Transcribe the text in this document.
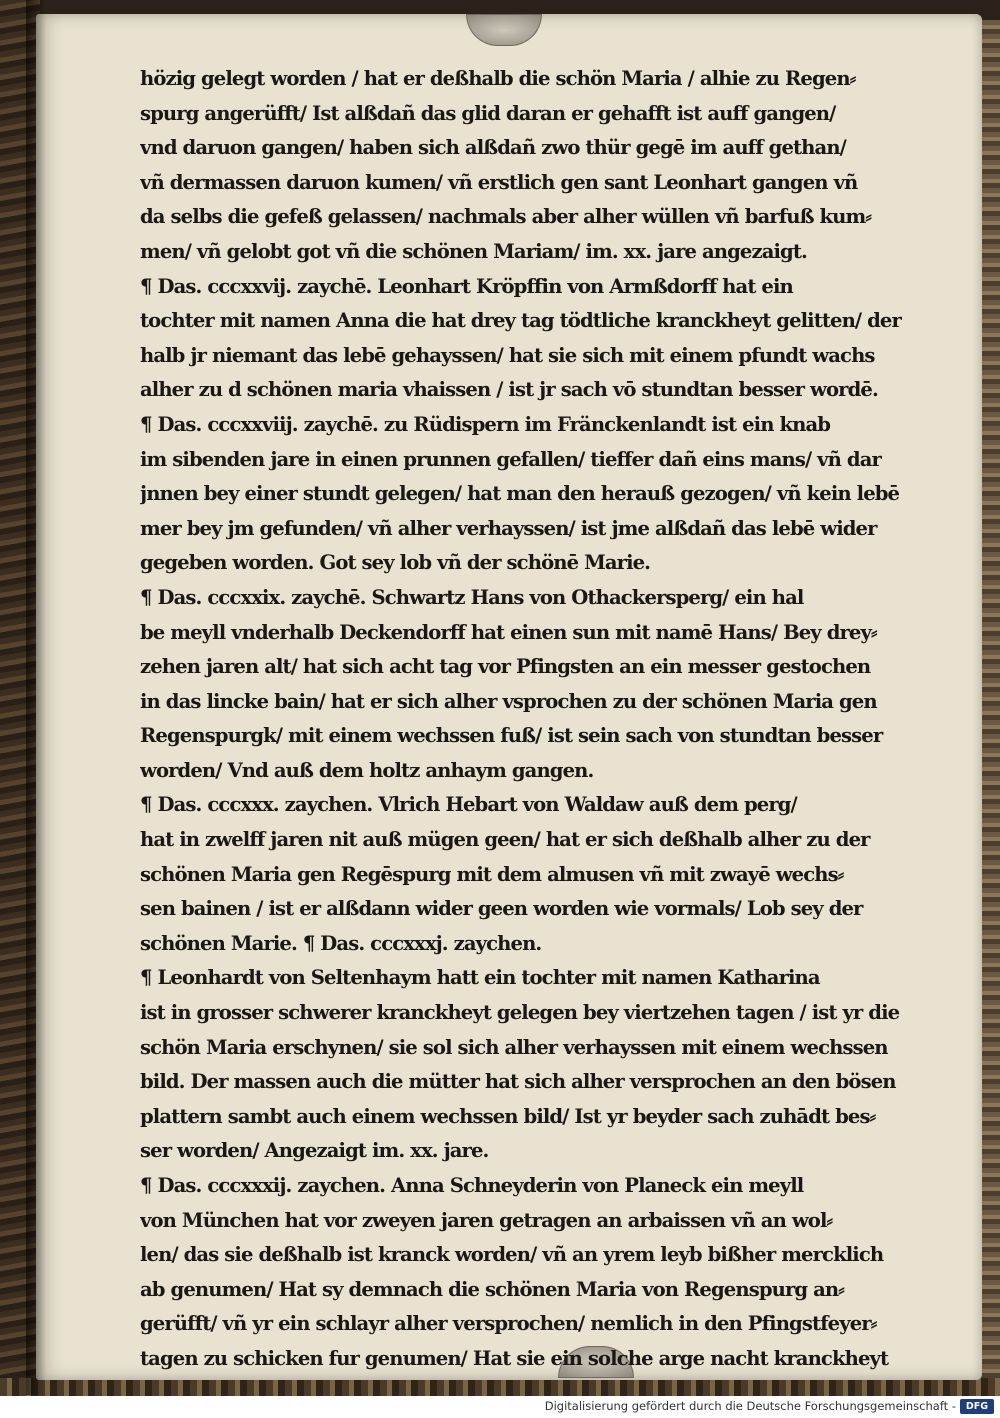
hözig gelegt worden / hat er deßhalb die schön Maria / alhie zu Regen⸗
spurg angerüfft/ Ist alßdañ das glid daran er gehafft ist auff gangen/
vnd daruon gangen/ haben sich alßdañ zwo thür gegē im auff gethan/
vñ dermassen daruon kumen/ vñ erstlich gen sant Leonhart gangen vñ
da selbs die gefeß gelassen/ nachmals aber alher wüllen vñ barfuß kum⸗
men/ vñ gelobt got vñ die schönen Mariam/ im. xx. jare angezaigt.
¶ Das. cccxxvij. zaychē. Leonhart Kröpffin von Armßdorff hat ein
tochter mit namen Anna die hat drey tag tödtliche kranckheyt gelitten/ der
halb jr niemant das lebē gehayssen/ hat sie sich mit einem pfundt wachs
alher zu d schönen maria vhaissen / ist jr sach vō stundtan besser wordē.
¶ Das. cccxxviij. zaychē. zu Rüdispern im Fränckenlandt ist ein knab
im sibenden jare in einen prunnen gefallen/ tieffer dañ eins mans/ vñ dar
jnnen bey einer stundt gelegen/ hat man den herauß gezogen/ vñ kein lebē
mer bey jm gefunden/ vñ alher verhayssen/ ist jme alßdañ das lebē wider
gegeben worden. Got sey lob vñ der schönē Marie.
¶ Das. cccxxix. zaychē. Schwartz Hans von Othackersperg/ ein hal
be meyll vnderhalb Deckendorff hat einen sun mit namē Hans/ Bey drey⸗
zehen jaren alt/ hat sich acht tag vor Pfingsten an ein messer gestochen
in das lincke bain/ hat er sich alher vsprochen zu der schönen Maria gen
Regenspurgk/ mit einem wechssen fuß/ ist sein sach von stundtan besser
worden/ Vnd auß dem holtz anhaym gangen.
¶ Das. cccxxx. zaychen. Vlrich Hebart von Waldaw auß dem perg/
hat in zwelff jaren nit auß mügen geen/ hat er sich deßhalb alher zu der
schönen Maria gen Regēspurg mit dem almusen vñ mit zwayē wechs⸗
sen bainen / ist er alßdann wider geen worden wie vormals/ Lob sey der
schönen Marie. ¶ Das. cccxxxj. zaychen.
¶ Leonhardt von Seltenhaym hatt ein tochter mit namen Katharina
ist in grosser schwerer kranckheyt gelegen bey viertzehen tagen / ist yr die
schön Maria erschynen/ sie sol sich alher verhayssen mit einem wechssen
bild. Der massen auch die mütter hat sich alher versprochen an den bösen
plattern sambt auch einem wechssen bild/ Ist yr beyder sach zuhādt bes⸗
ser worden/ Angezaigt im. xx. jare.
¶ Das. cccxxxij. zaychen. Anna Schneyderin von Planeck ein meyll
von München hat vor zweyen jaren getragen an arbaissen vñ an wol⸗
len/ das sie deßhalb ist kranck worden/ vñ an yrem leyb bißher mercklich
ab genumen/ Hat sy demnach die schönen Maria von Regenspurg an⸗
gerüfft/ vñ yr ein schlayr alher versprochen/ nemlich in den Pfingstfeyer⸗
tagen zu schicken fur genumen/ Hat sie ein solche arge nacht kranckheyt
Digitalisierung gefördert durch die Deutsche Forschungsgemeinschaft -	DFG
